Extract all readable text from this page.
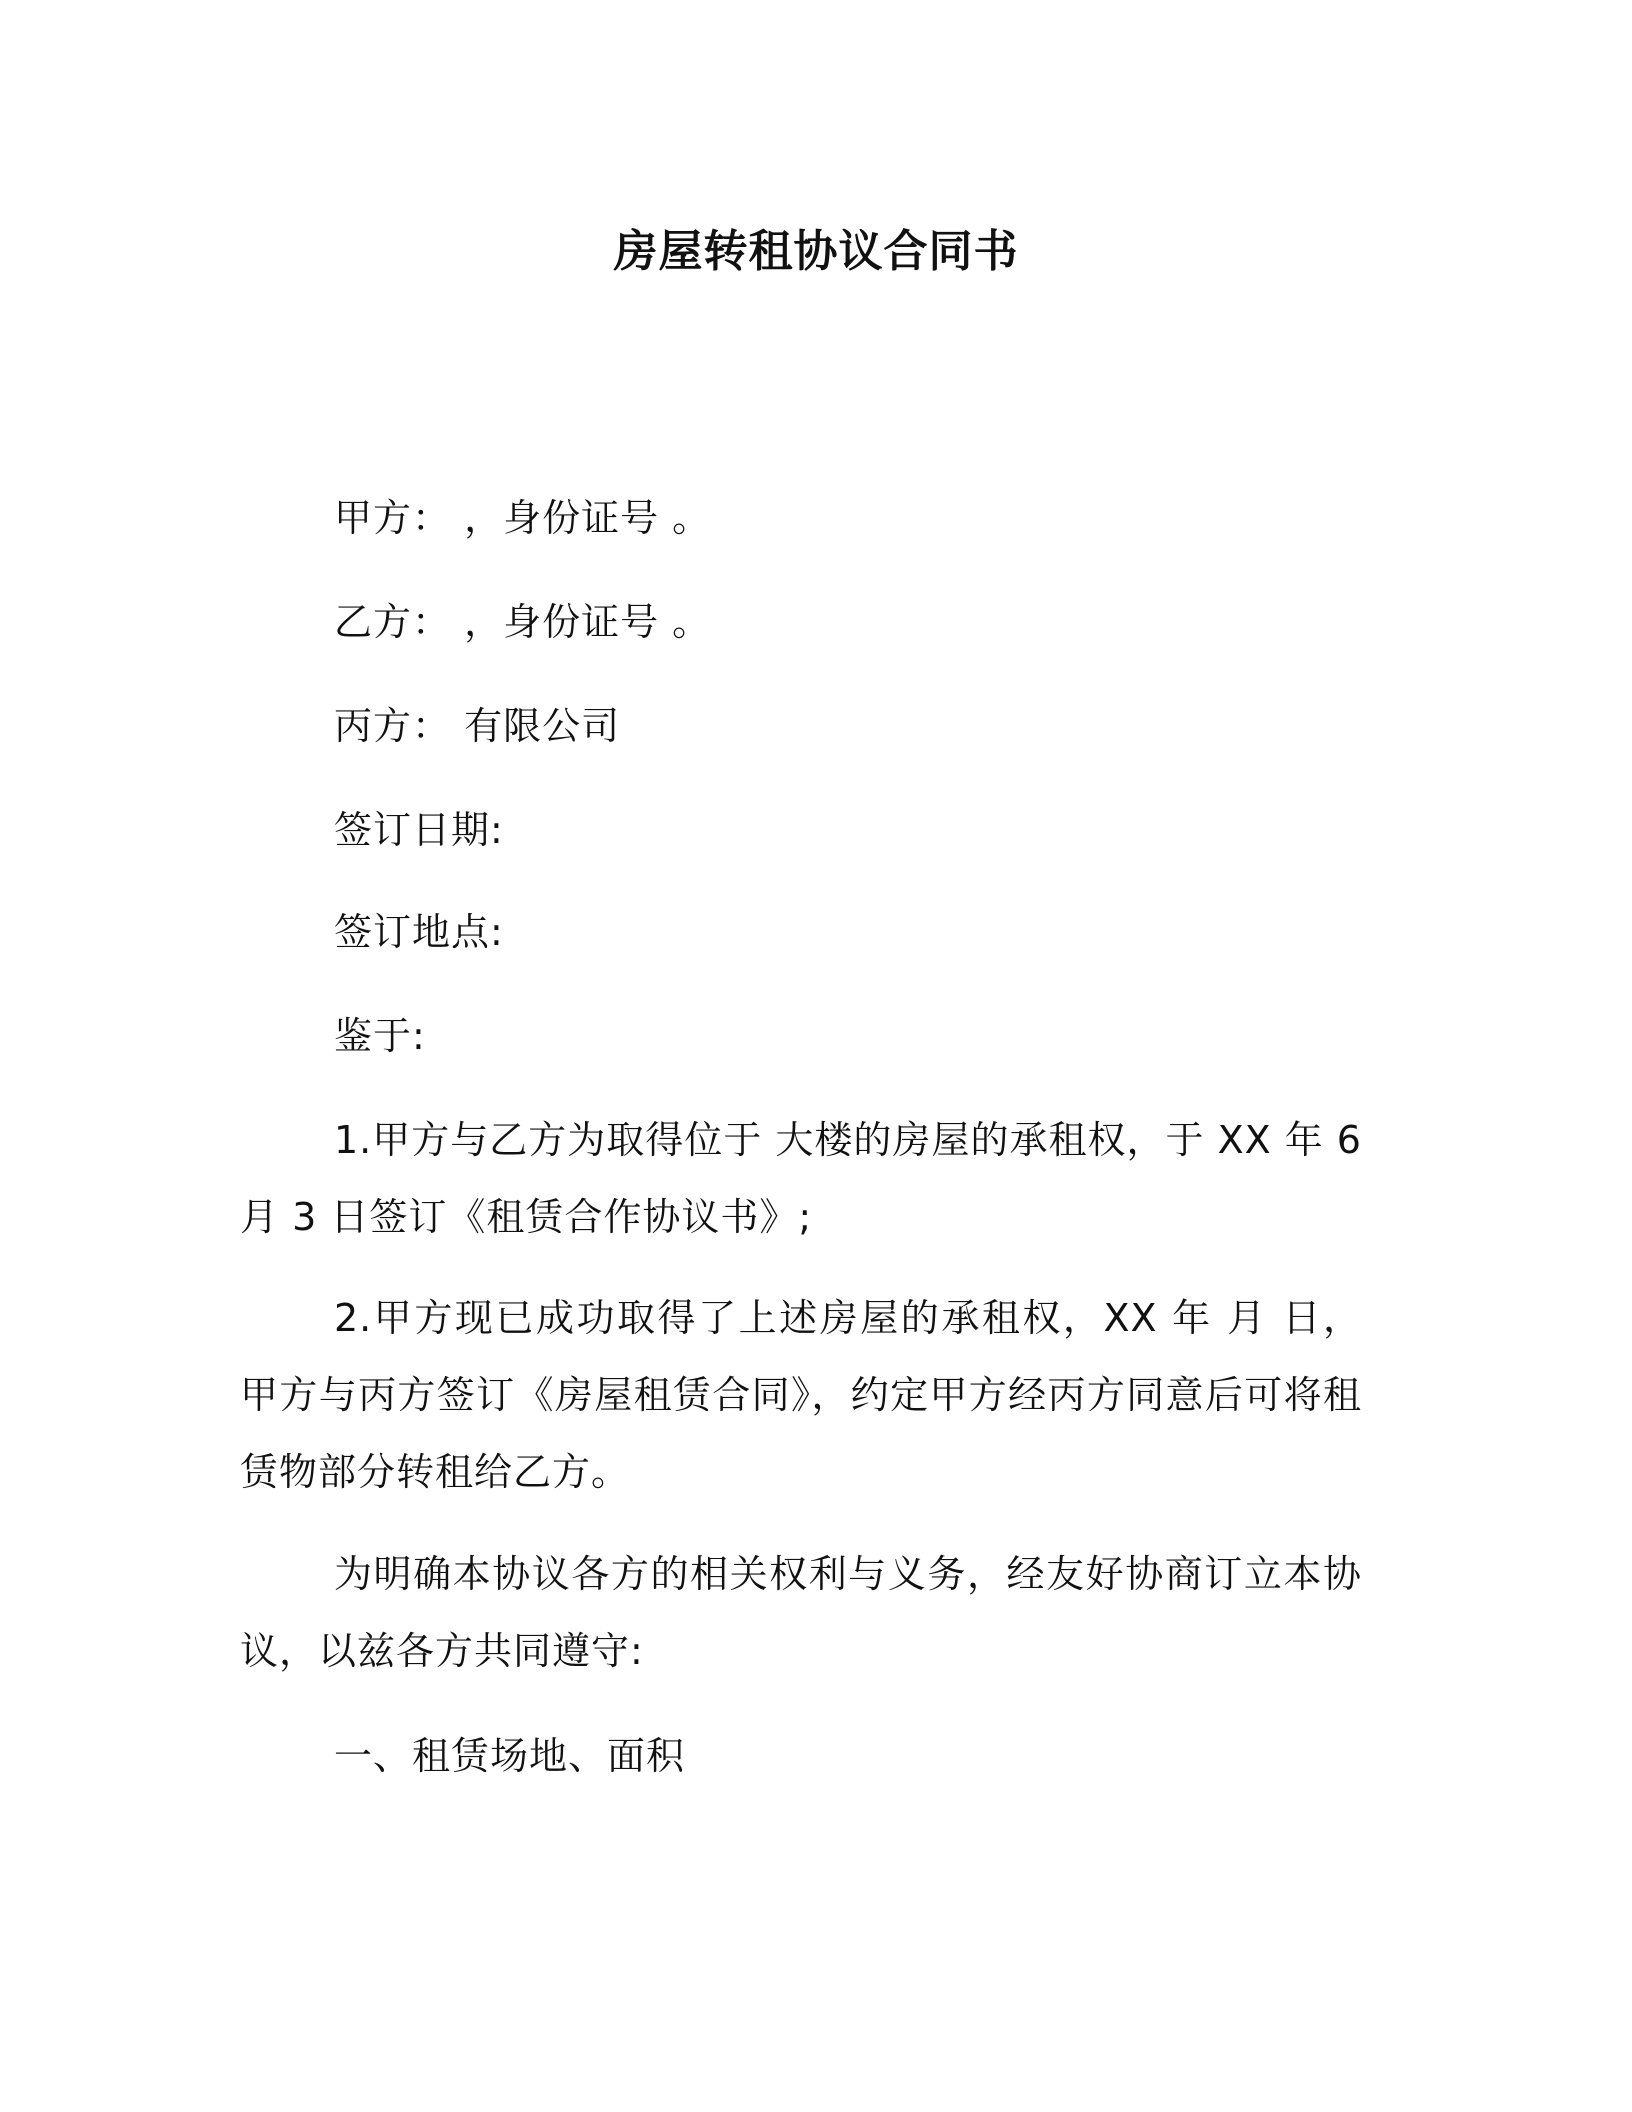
房屋转租协议合同书
甲方： ，身份证号 。
乙方： ，身份证号 。
丙方： 有限公司
签订日期:
签订地点:
鉴于:
1.甲方与乙方为取得位于 大楼的房屋的承租权，于 XX 年 6 月 3 日签订《租赁合作协议书》;
2.甲方现已成功取得了上述房屋的承租权，XX 年 月 日，甲方与丙方签订《房屋租赁合同》，约定甲方经丙方同意后可将租赁物部分转租给乙方。
为明确本协议各方的相关权利与义务，经友好协商订立本协议，以兹各方共同遵守:
一、租赁场地、面积
